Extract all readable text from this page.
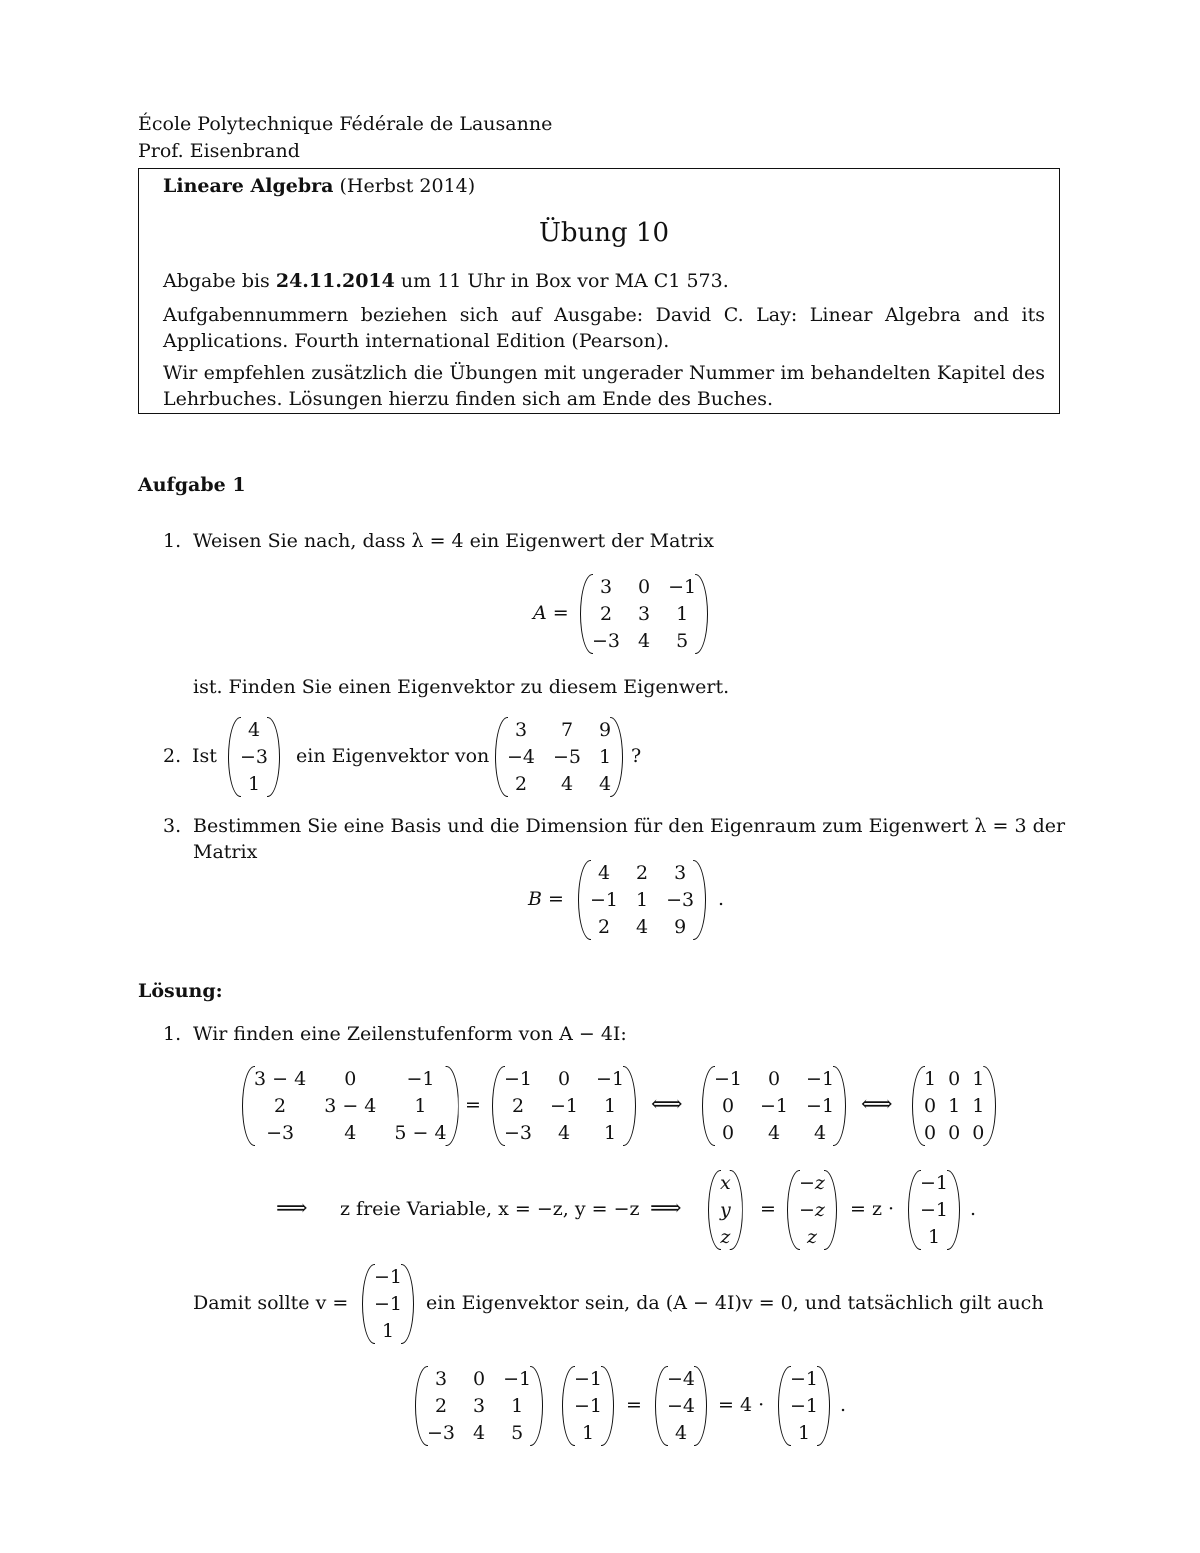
École Polytechnique Fédérale de Lausanne
Prof. Eisenbrand
Lineare Algebra (Herbst 2014)
Übung 10
Abgabe bis 24.11.2014 um 11 Uhr in Box vor MA C1 573.
Aufgabennummern beziehen sich auf Ausgabe: David C. Lay: Linear Algebra and its Applications. Fourth international Edition (Pearson).
Wir empfehlen zusätzlich die Übungen mit ungerader Nummer im behandelten Kapitel des Lehrbuches. Lösungen hierzu finden sich am Ende des Buches.
Aufgabe 1
1. Weisen Sie nach, dass λ = 4 ein Eigenwert der Matrix
A =
3	0 −1
2	3	1
−3 4	5
ist. Finden Sie einen Eigenvektor zu diesem Eigenwert.
2. Ist
4
−3
1
ein Eigenvektor von
3	7	9
−4 −5 1
2	4	4
?
3. Bestimmen Sie eine Basis und die Dimension für den Eigenraum zum Eigenwert λ = 3 der
Matrix
B =
4	2	3
−1 1 −3
2	4	9
.
Lösung:
1. Wir finden eine Zeilenstufenform von A − 4I:
3 − 4	0	−1
2	3 − 4	1
−3	4	5 − 4
=
−1	0	−1
2	−1	1
−3	4	1
⟺
−1	0	−1
0	−1 −1
0	4	4
⟺
1 0 1
0 1 1
0 0 0
⟹ z freie Variable, x = −z, y = −z ⟹
x
y
z
=
−z
−z
z
= z ·
−1
−1
1
.
Damit sollte v =
−1
−1
1
ein Eigenvektor sein, da (A − 4I)v = 0, und tatsächlich gilt auch
3	0 −1
2	3	1
−3 4	5
−1
−1
1
=
−4
−4
4
= 4 ·
−1
−1
1
.
